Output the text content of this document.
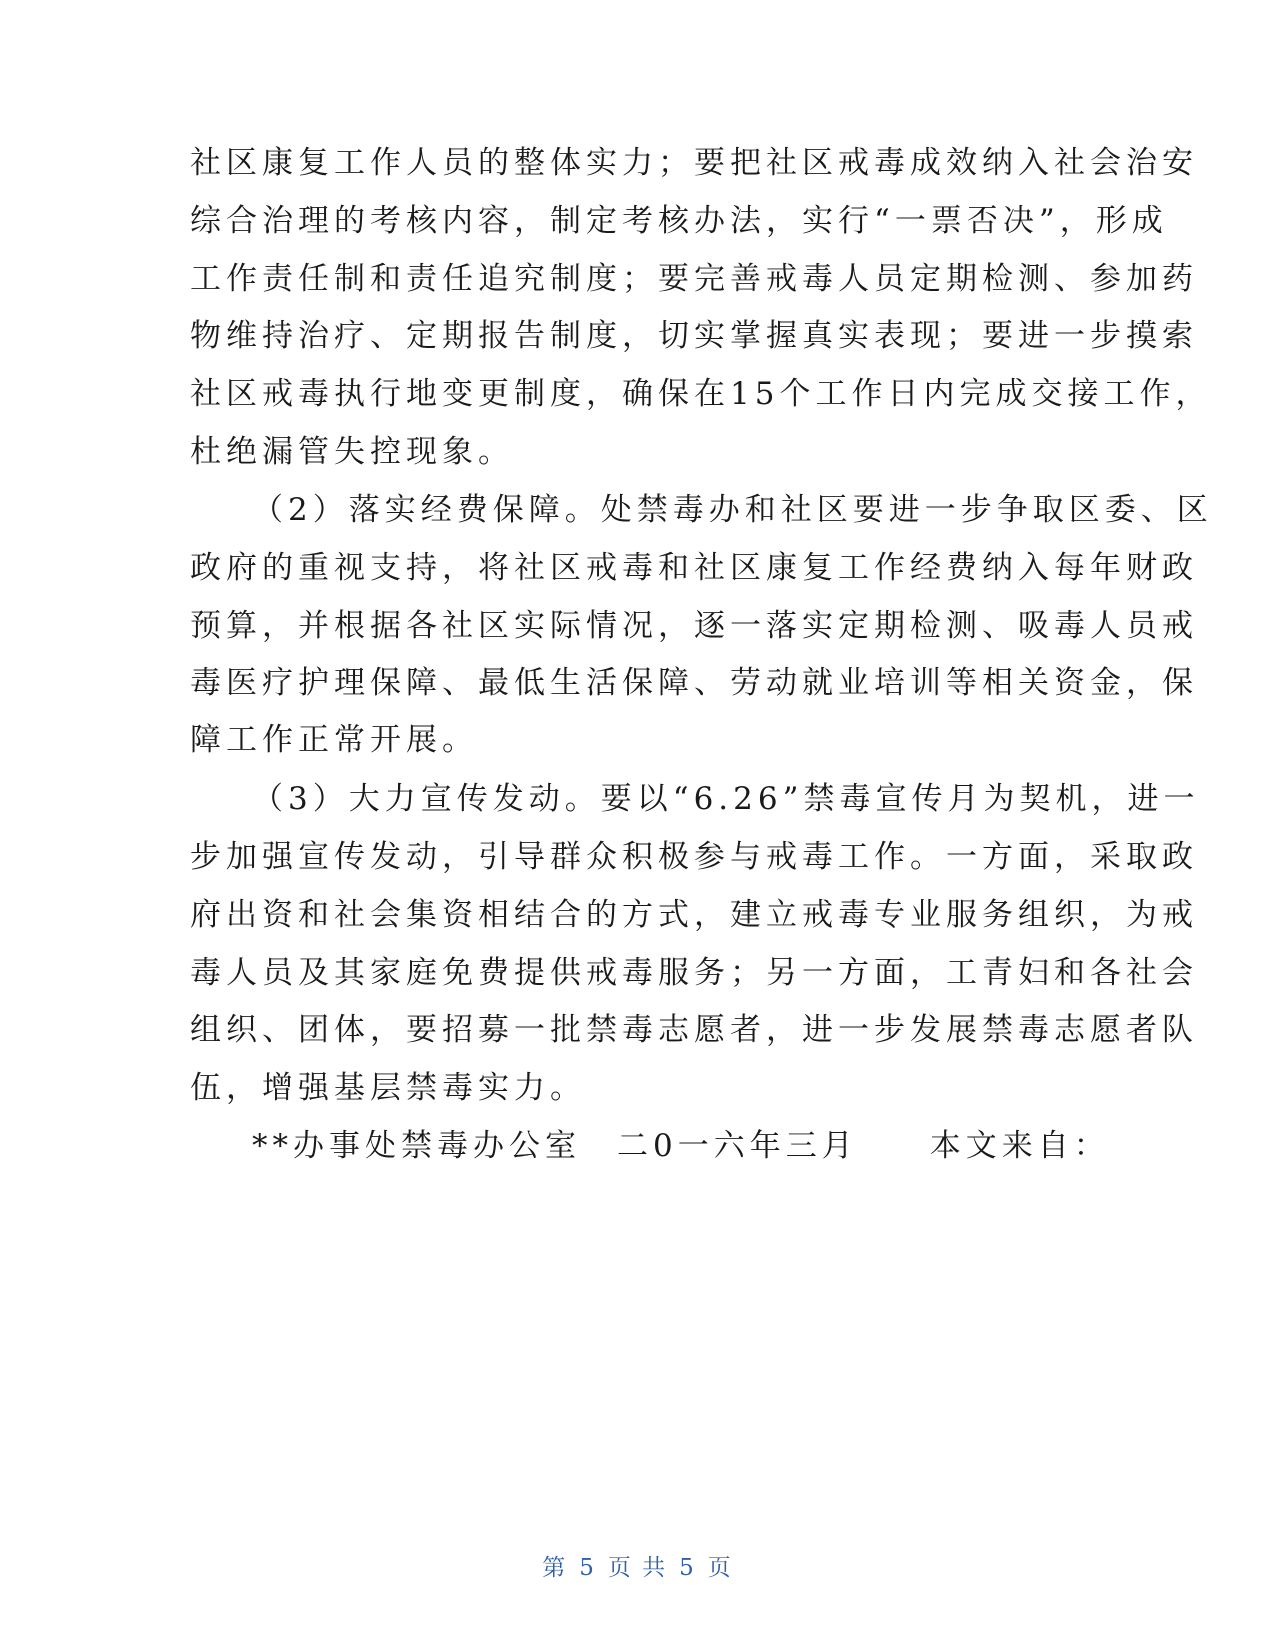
社区康复工作人员的整体实力；要把社区戒毒成效纳入社会治安
综合治理的考核内容，制定考核办法，实行“一票否决”，形成
工作责任制和责任追究制度；要完善戒毒人员定期检测、参加药
物维持治疗、定期报告制度，切实掌握真实表现；要进一步摸索
社区戒毒执行地变更制度，确保在15个工作日内完成交接工作，
杜绝漏管失控现象。
（2）落实经费保障。处禁毒办和社区要进一步争取区委、区
政府的重视支持，将社区戒毒和社区康复工作经费纳入每年财政
预算，并根据各社区实际情况，逐一落实定期检测、吸毒人员戒
毒医疗护理保障、最低生活保障、劳动就业培训等相关资金，保
障工作正常开展。
（3）大力宣传发动。要以“6.26”禁毒宣传月为契机，进一
步加强宣传发动，引导群众积极参与戒毒工作。一方面，采取政
府出资和社会集资相结合的方式，建立戒毒专业服务组织，为戒
毒人员及其家庭免费提供戒毒服务；另一方面，工青妇和各社会
组织、团体，要招募一批禁毒志愿者，进一步发展禁毒志愿者队
伍，增强基层禁毒实力。
**办事处禁毒办公室　二0一六年三月　　本文来自：
第 5 页 共 5 页
